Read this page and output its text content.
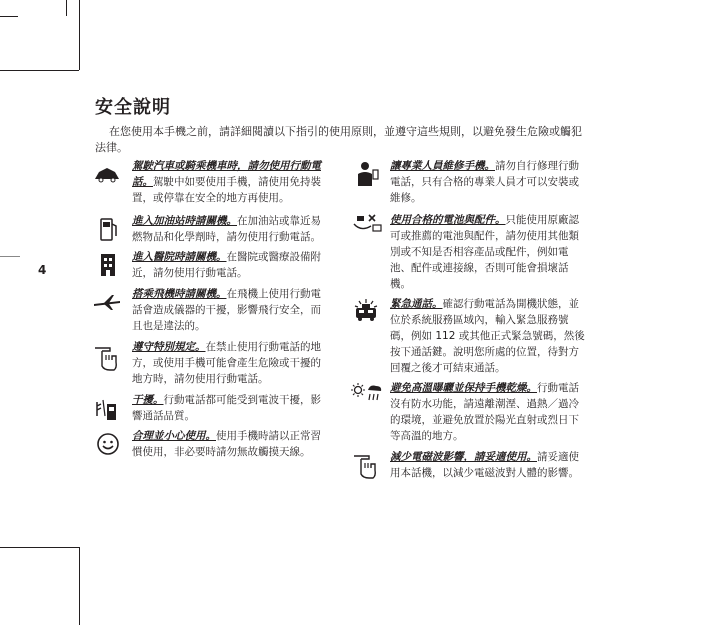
4
安全說明
在您使用本手機之前，請詳細閱讀以下指引的使用原則，並遵守這些規則，以避免發生危險或觸犯法律。
駕駛汽車或騎乘機車時，請勿使用行動電話。駕駛中如要使用手機，請使用免持裝置，或停靠在安全的地方再使用。
進入加油站時請關機。在加油站或靠近易燃物品和化學劑時，請勿使用行動電話。
進入醫院時請關機。在醫院或醫療設備附近，請勿使用行動電話。
搭乘飛機時請關機。在飛機上使用行動電話會造成儀器的干擾，影響飛行安全，而且也是違法的。
遵守特別規定。在禁止使用行動電話的地方，或使用手機可能會產生危險或干擾的地方時，請勿使用行動電話。
干擾。行動電話都可能受到電波干擾，影響通話品質。
合理並小心使用。使用手機時請以正常習慣使用，非必要時請勿無故觸摸天線。
讓專業人員維修手機。請勿自行修理行動電話，只有合格的專業人員才可以安裝或維修。
使用合格的電池與配件。只能使用原廠認可或推薦的電池與配件，請勿使用其他類別或不知是否相容產品或配件，例如電池、配件或連接線，否則可能會損壞話機。
緊急通話。確認行動電話為開機狀態，並位於系統服務區域內，輸入緊急服務號碼，例如 112 或其他正式緊急號碼，然後按下通話鍵。說明您所處的位置，待對方回覆之後才可結束通話。
避免高溫曝曬並保持手機乾燥。行動電話沒有防水功能，請遠離潮溼、過熱／過冷的環境，並避免放置於陽光直射或烈日下等高溫的地方。
減少電磁波影響，請妥適使用。請妥適使用本話機，以減少電磁波對人體的影響。
